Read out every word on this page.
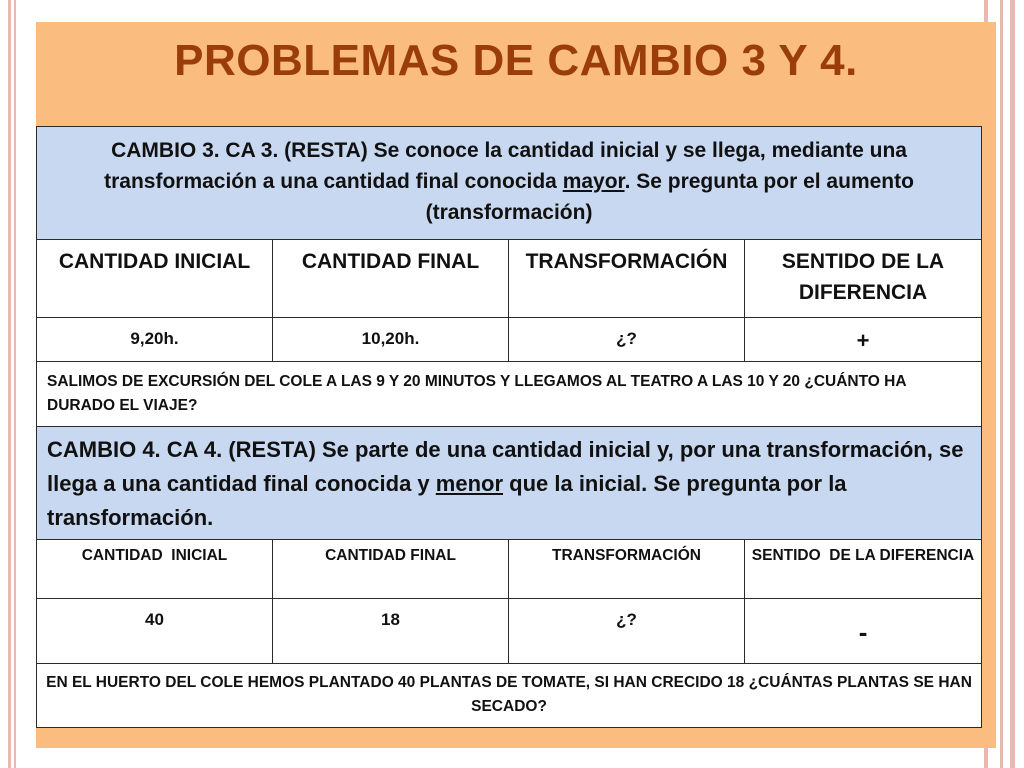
PROBLEMAS DE CAMBIO 3 Y 4.
CAMBIO 3. CA 3. (RESTA) Se conoce la cantidad inicial y se llega, mediante una transformación a una cantidad final conocida mayor. Se pregunta por el aumento (transformación)			
CANTIDAD INICIAL	CANTIDAD FINAL	TRANSFORMACIÓN	SENTIDO DE LA DIFERENCIA
9,20h.	10,20h.	¿?	+
SALIMOS DE EXCURSIÓN DEL COLE A LAS 9 Y 20 MINUTOS Y LLEGAMOS AL TEATRO A LAS 10 Y 20 ¿CUÁNTO HA DURADO EL VIAJE?			
CAMBIO 4. CA 4. (RESTA) Se parte de una cantidad inicial y, por una transformación, se llega a una cantidad final conocida y menor que la inicial. Se pregunta por la transformación.			
CANTIDAD  INICIAL	CANTIDAD FINAL	TRANSFORMACIÓN	SENTIDO  DE LA DIFERENCIA
40	18	¿?	-
EN EL HUERTO DEL COLE HEMOS PLANTADO 40 PLANTAS DE TOMATE, SI HAN CRECIDO 18 ¿CUÁNTAS PLANTAS SE HAN SECADO?			
